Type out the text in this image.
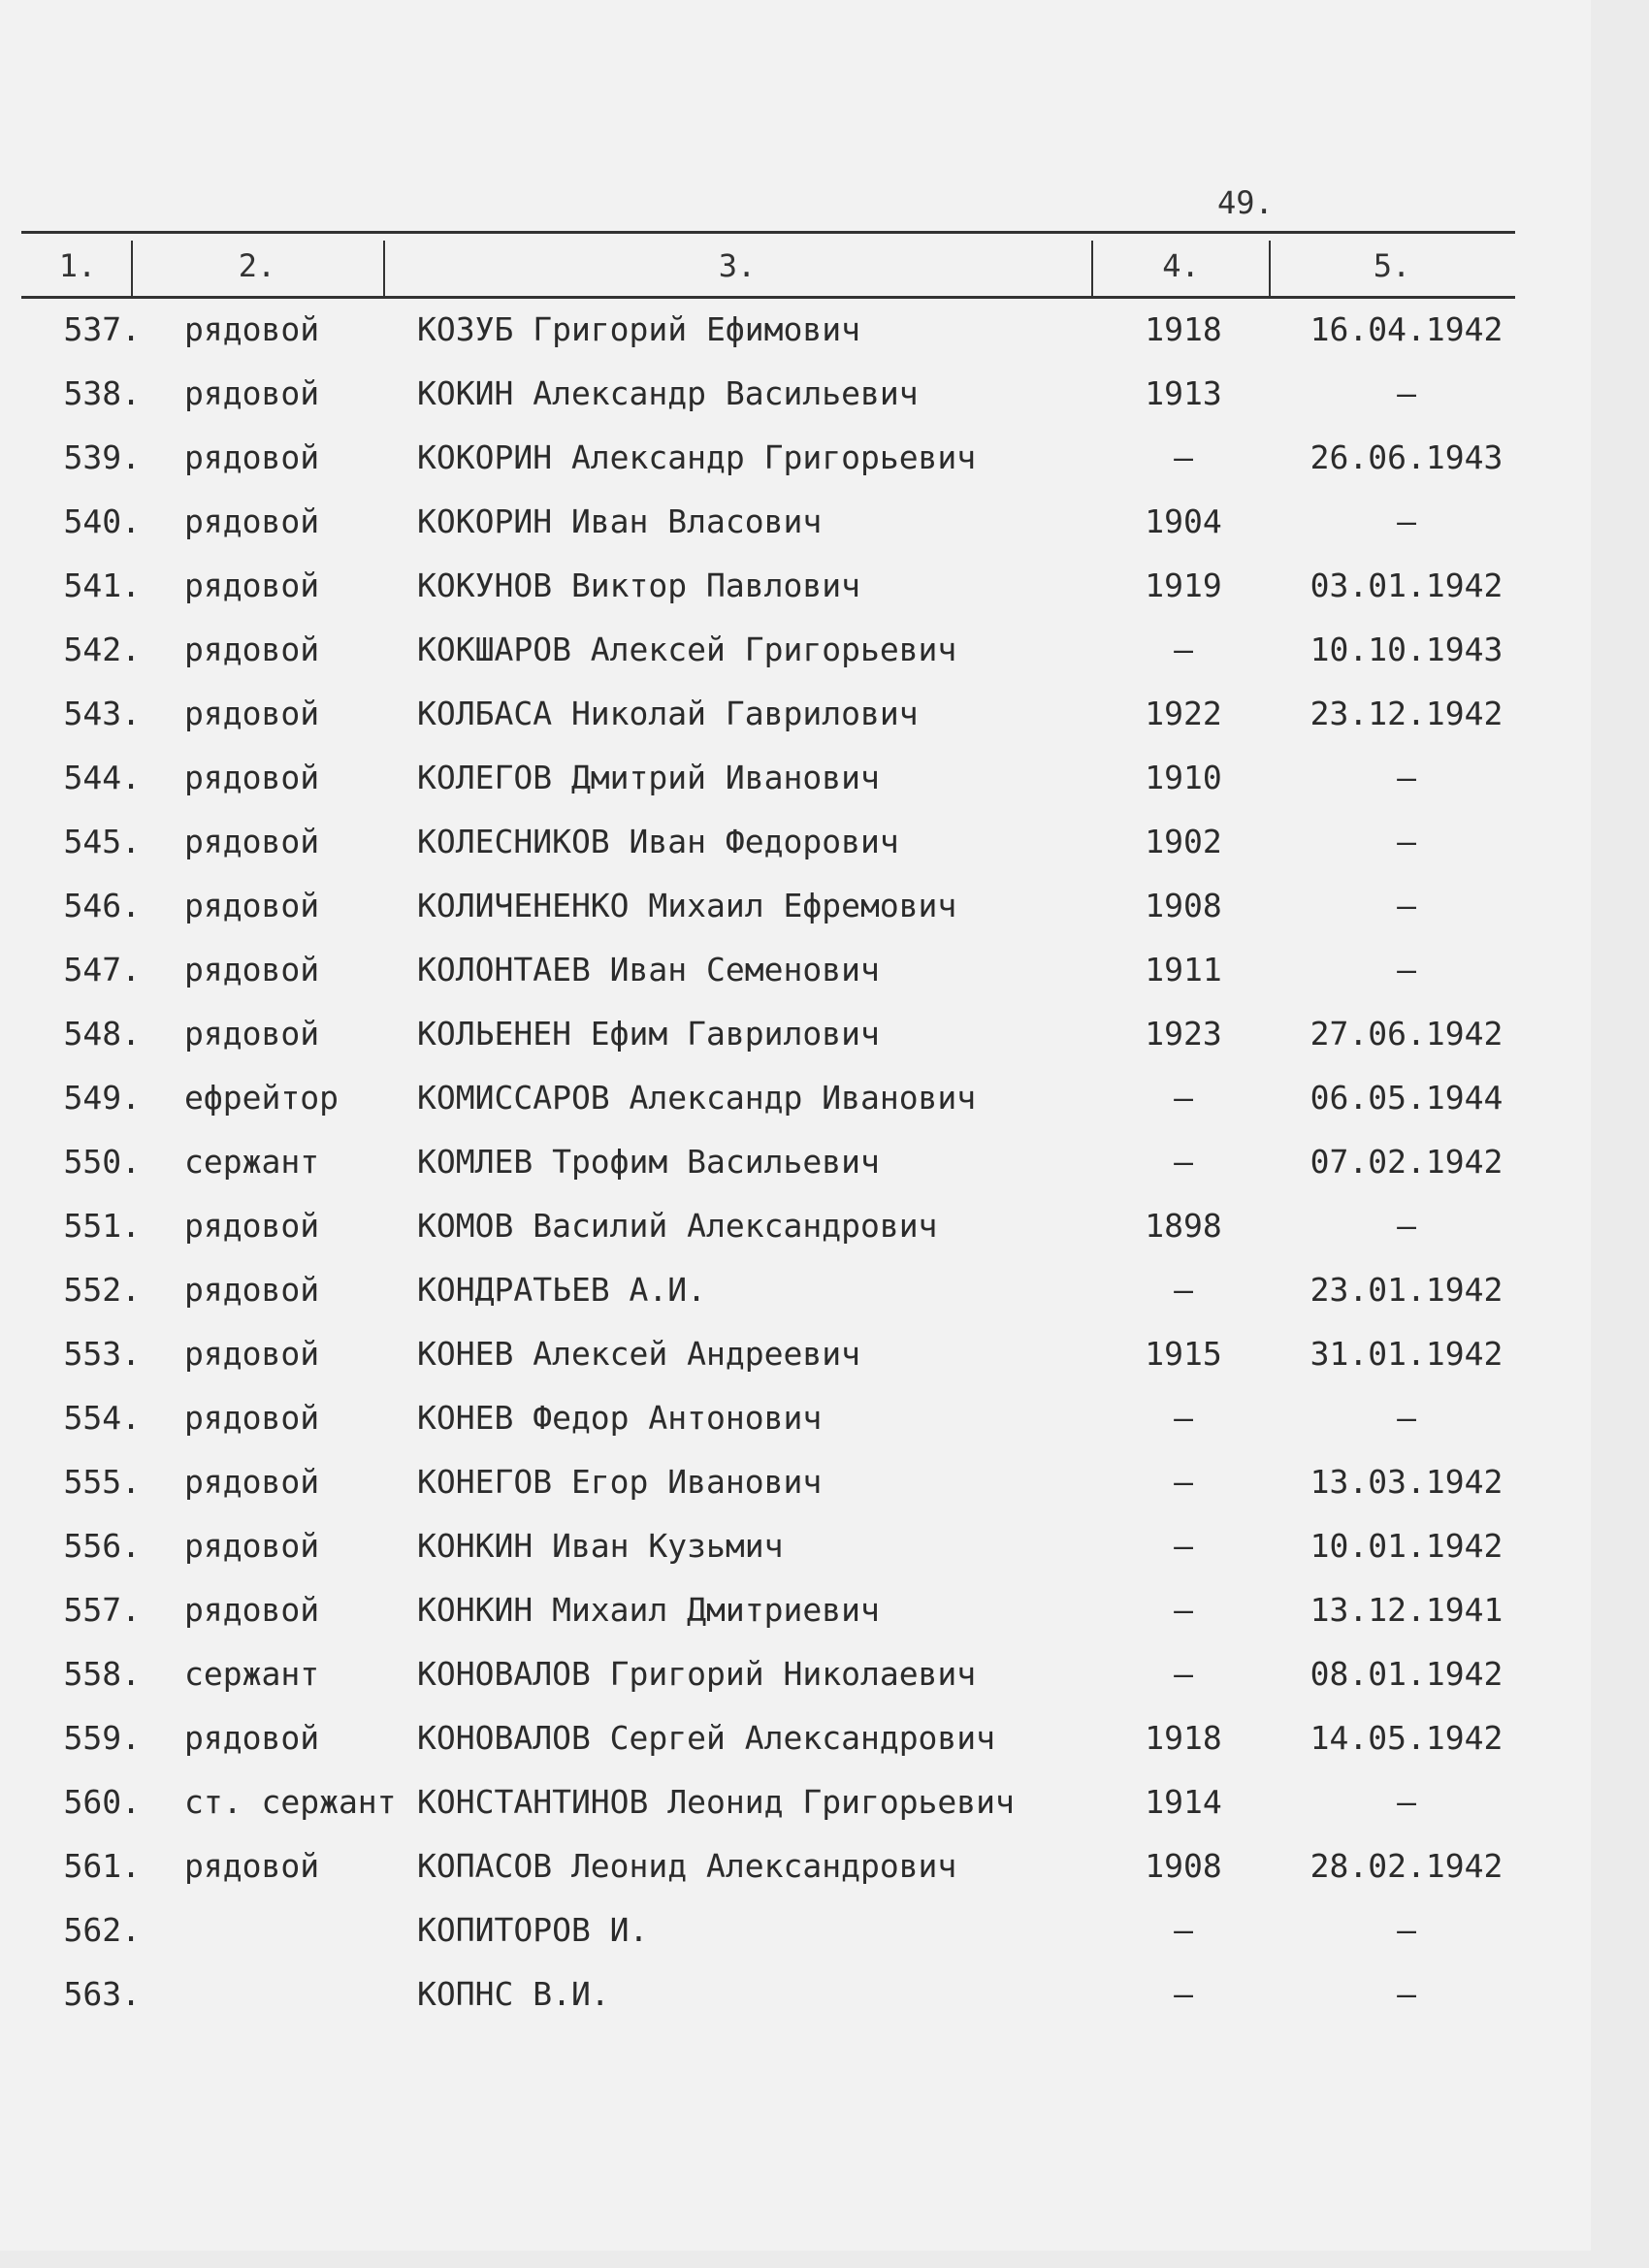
49.
1.	2.	3.	4.	5.
537. рядовой	КОЗУБ Григорий Ефимович	1918	16.04.1942
538. рядовой	КОКИН Александр Васильевич	1913	–
539. рядовой	КОКОРИН Александр Григорьевич	–	26.06.1943
540. рядовой	КОКОРИН Иван Власович	1904	–
541. рядовой	КОКУНОВ Виктор Павлович	1919	03.01.1942
542. рядовой	КОКШАРОВ Алексей Григорьевич	–	10.10.1943
543. рядовой	КОЛБАСА Николай Гаврилович	1922	23.12.1942
544. рядовой	КОЛЕГОВ Дмитрий Иванович	1910	–
545. рядовой	КОЛЕСНИКОВ Иван Федорович	1902	–
546. рядовой	КОЛИЧЕНЕНКО Михаил Ефремович	1908	–
547. рядовой	КОЛОНТАЕВ Иван Семенович	1911	–
548. рядовой	КОЛЬЕНЕН Ефим Гаврилович	1923	27.06.1942
549. ефрейтор КОМИССАРОВ Александр Иванович	–	06.05.1944
550. сержант	КОМЛЕВ Трофим Васильевич	–	07.02.1942
551. рядовой	КОМОВ Василий Александрович	1898	–
552. рядовой	КОНДРАТЬЕВ А.И.	–	23.01.1942
553. рядовой	КОНЕВ Алексей Андреевич	1915	31.01.1942
554. рядовой	КОНЕВ Федор Антонович	–	–
555. рядовой	КОНЕГОВ Егор Иванович	–	13.03.1942
556. рядовой	КОНКИН Иван Кузьмич	–	10.01.1942
557. рядовой	КОНКИН Михаил Дмитриевич	–	13.12.1941
558. сержант	КОНОВАЛОВ Григорий Николаевич	–	08.01.1942
559. рядовой	КОНОВАЛОВ Сергей Александрович	1918	14.05.1942
560. ст. сержант КОНСТАНТИНОВ Леонид Григорьевич	1914	–
561. рядовой	КОПАСОВ Леонид Александрович	1908	28.02.1942
562.	КОПИТОРОВ И.	–	–
563.	КОПНС В.И.	–	–
